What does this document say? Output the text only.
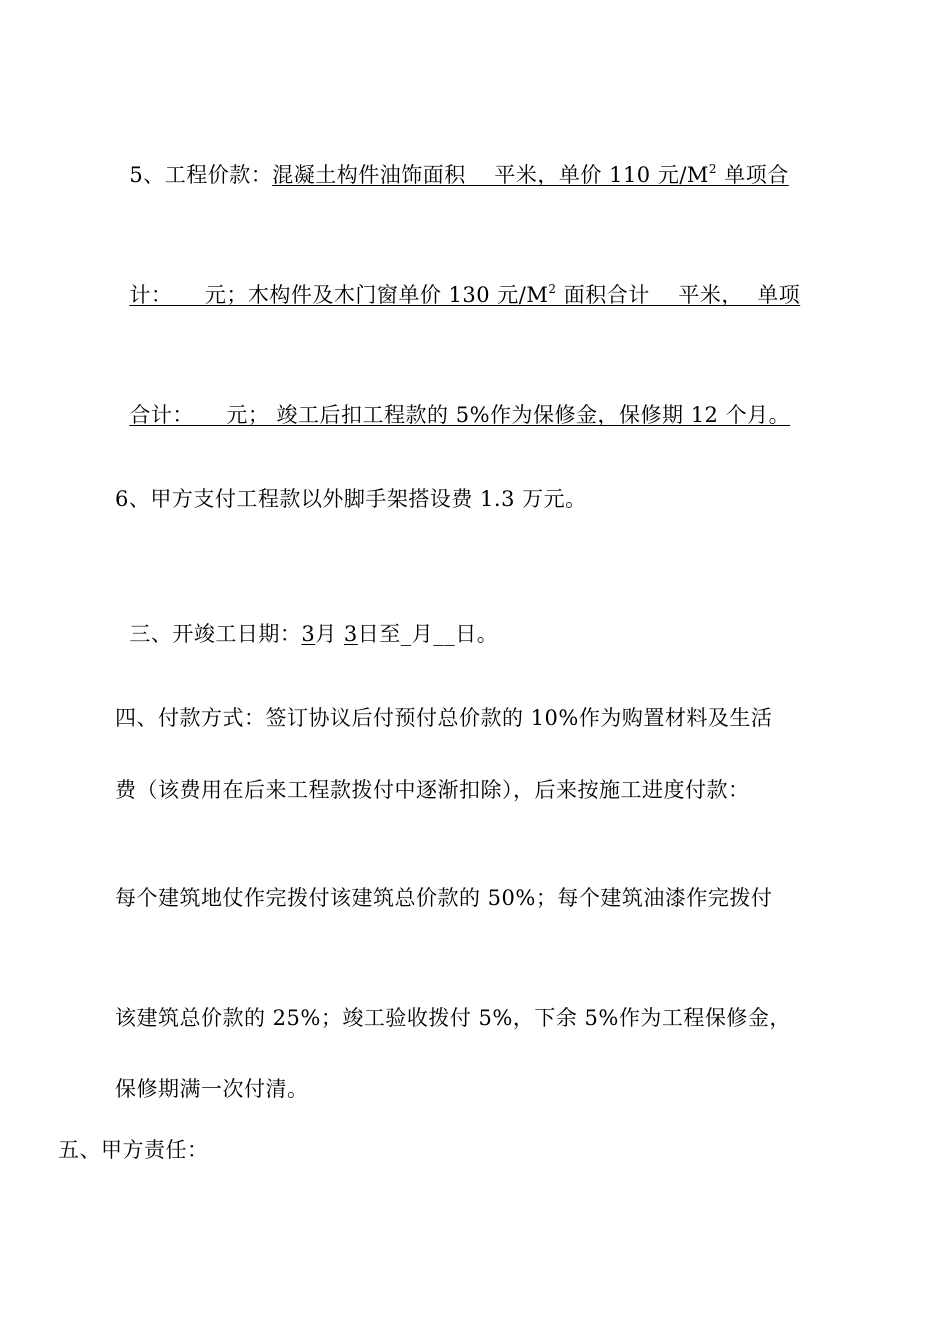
5、工程价款：混凝土构件油饰面积　 平米，单价 110 元$/M^2$ 单项合

计：　　元；木构件及木门窗单价 130 元$/M^2$ 面积合计　 平米，  单项

合计：　　元； 竣工后扣工程款的 5%作为保修金，保修期 12 个月。

6、甲方支付工程款以外脚手架搭设费 1.3 万元。

三、开竣工日期：3月 3日至_月__日。

四、付款方式：签订协议后付预付总价款的 10%作为购置材料及生活
费（该费用在后来工程款拨付中逐渐扣除），后来按施工进度付款：
每个建筑地仗作完拨付该建筑总价款的 50%；每个建筑油漆作完拨付
该建筑总价款的 25%；竣工验收拨付 5%，下余 5%作为工程保修金，
保修期满一次付清。
五、甲方责任：
